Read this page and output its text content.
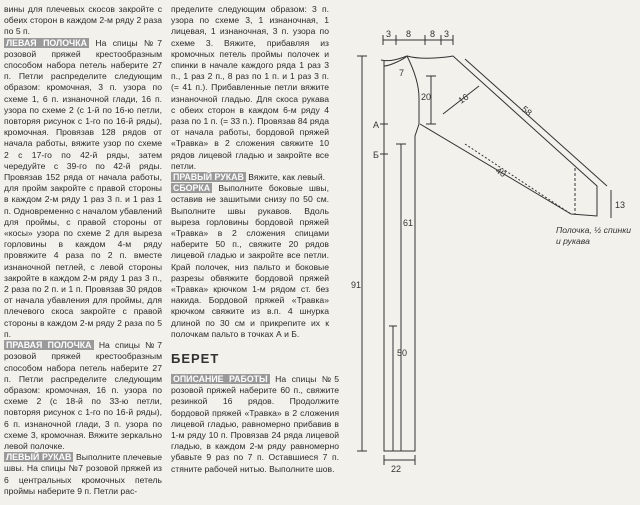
вины для плечевых скосов закройте с обеих сторон в каждом 2-м ряду 2 раза по 5 п.

ЛЕВАЯ ПОЛОЧКА На спицы №7 розовой пряжей крестообразным способом набора петель наберите 27 п. Петли распределите следующим образом: кромочная, 3 п. узора по схеме 1, 6 п. изнаночной глади, 16 п. узора по схеме 2 (с 1-й по 16-ю петли, повторяя рисунок с 1-го по 16-й ряды), кромочная. Провязав 128 рядов от начала работы, вяжите узор по схеме 2 с 17-го по 42-й ряды, затем чередуйте с 39-го по 42-й ряды. Провязав 152 ряда от начала работы, для пройм закройте с правой стороны в каждом 2-м ряду 1 раз 3 п. и 1 раз 1 п. Одновременно с началом убавлений для проймы, с правой стороны от «косы» узора по схеме 2 для выреза горловины в каждом 4-м ряду провяжите 4 раза по 2 п. вместе изнаночной петлей, с левой стороны закройте в каждом 2-м ряду 1 раз 3 п., 2 раза по 2 п. и 1 п. Провязав 30 рядов от начала убавления для проймы, для плечевого скоса закройте с правой стороны в каждом 2-м ряду 2 раза по 5 п.

ПРАВАЯ ПОЛОЧКА На спицы №7 розовой пряжей крестообразным способом набора петель наберите 27 п. Петли распределите следующим образом: кромочная, 16 п. узора по схеме 2 (с 18-й по 33-ю петли, повторяя рисунок с 1-го по 16-й ряды), 6 п. изнаночной глади, 3 п. узора по схеме 3, кромочная. Вяжите зеркально левой полочке.

ЛЕВЫЙ РУКАВ Выполните плечевые швы. На спицы №7 розовой пряжей из 6 центральных кромочных петель проймы наберите 9 п. Петли рас-

пределите следующим образом: 3 п. узора по схеме 3, 1 изнаночная, 1 лицевая, 1 изнаночная, 3 п. узора по схеме 3. Вяжите, прибавляя из кромочных петель проймы полочек и спинки в начале каждого ряда 1 раз 3 п., 1 раз 2 п., 8 раз по 1 п. и 1 раз 3 п. (= 41 п.). Прибавленные петли вяжите изнаночной гладью. Для скоса рукава с обеих сторон в каждом 6-м ряду 4 раза по 1 п. (= 33 п.). Провязав 84 ряда от начала работы, бордовой пряжей «Травка» в 2 сложения свяжите 10 рядов лицевой гладью и закройте все петли.

ПРАВЫЙ РУКАВ Вяжите, как левый.

СБОРКА Выполните боковые швы, оставив не зашитыми снизу по 50 см. Выполните швы рукавов. Вдоль выреза горловины бордовой пряжей «Травка» в 2 сложения спицами наберите 50 п., свяжите 20 рядов лицевой гладью и закройте все петли. Край полочек, низ пальто и боковые разрезы обвяжите бордовой пряжей «Травка» крючком 1-м рядом ст. без накида. Бордовой пряжей «Травка» крючком свяжите из в.п. 4 шнурка длиной по 30 см и прикрепите их к полочкам пальто в точках А и Б.

БЕРЕТ

ОПИСАНИЕ РАБОТЫ На спицы №5 розовой пряжей наберите 60 п., свяжите резинкой 16 рядов. Продолжите бордовой пряжей «Травка» в 2 сложения лицевой гладью, равномерно прибавив в 1-м ряду 10 п. Провязав 24 ряда лицевой гладью, в каждом 2-м ряду равномерно убавьте 9 раз по 7 п. Оставшиеся 7 п. стяните рабочей нитью. Выполните шов.

3 8 8 3
7
20
58
16
40
13
61
91
50
22
А
Б
Полочка, ½ спинки и рукава
